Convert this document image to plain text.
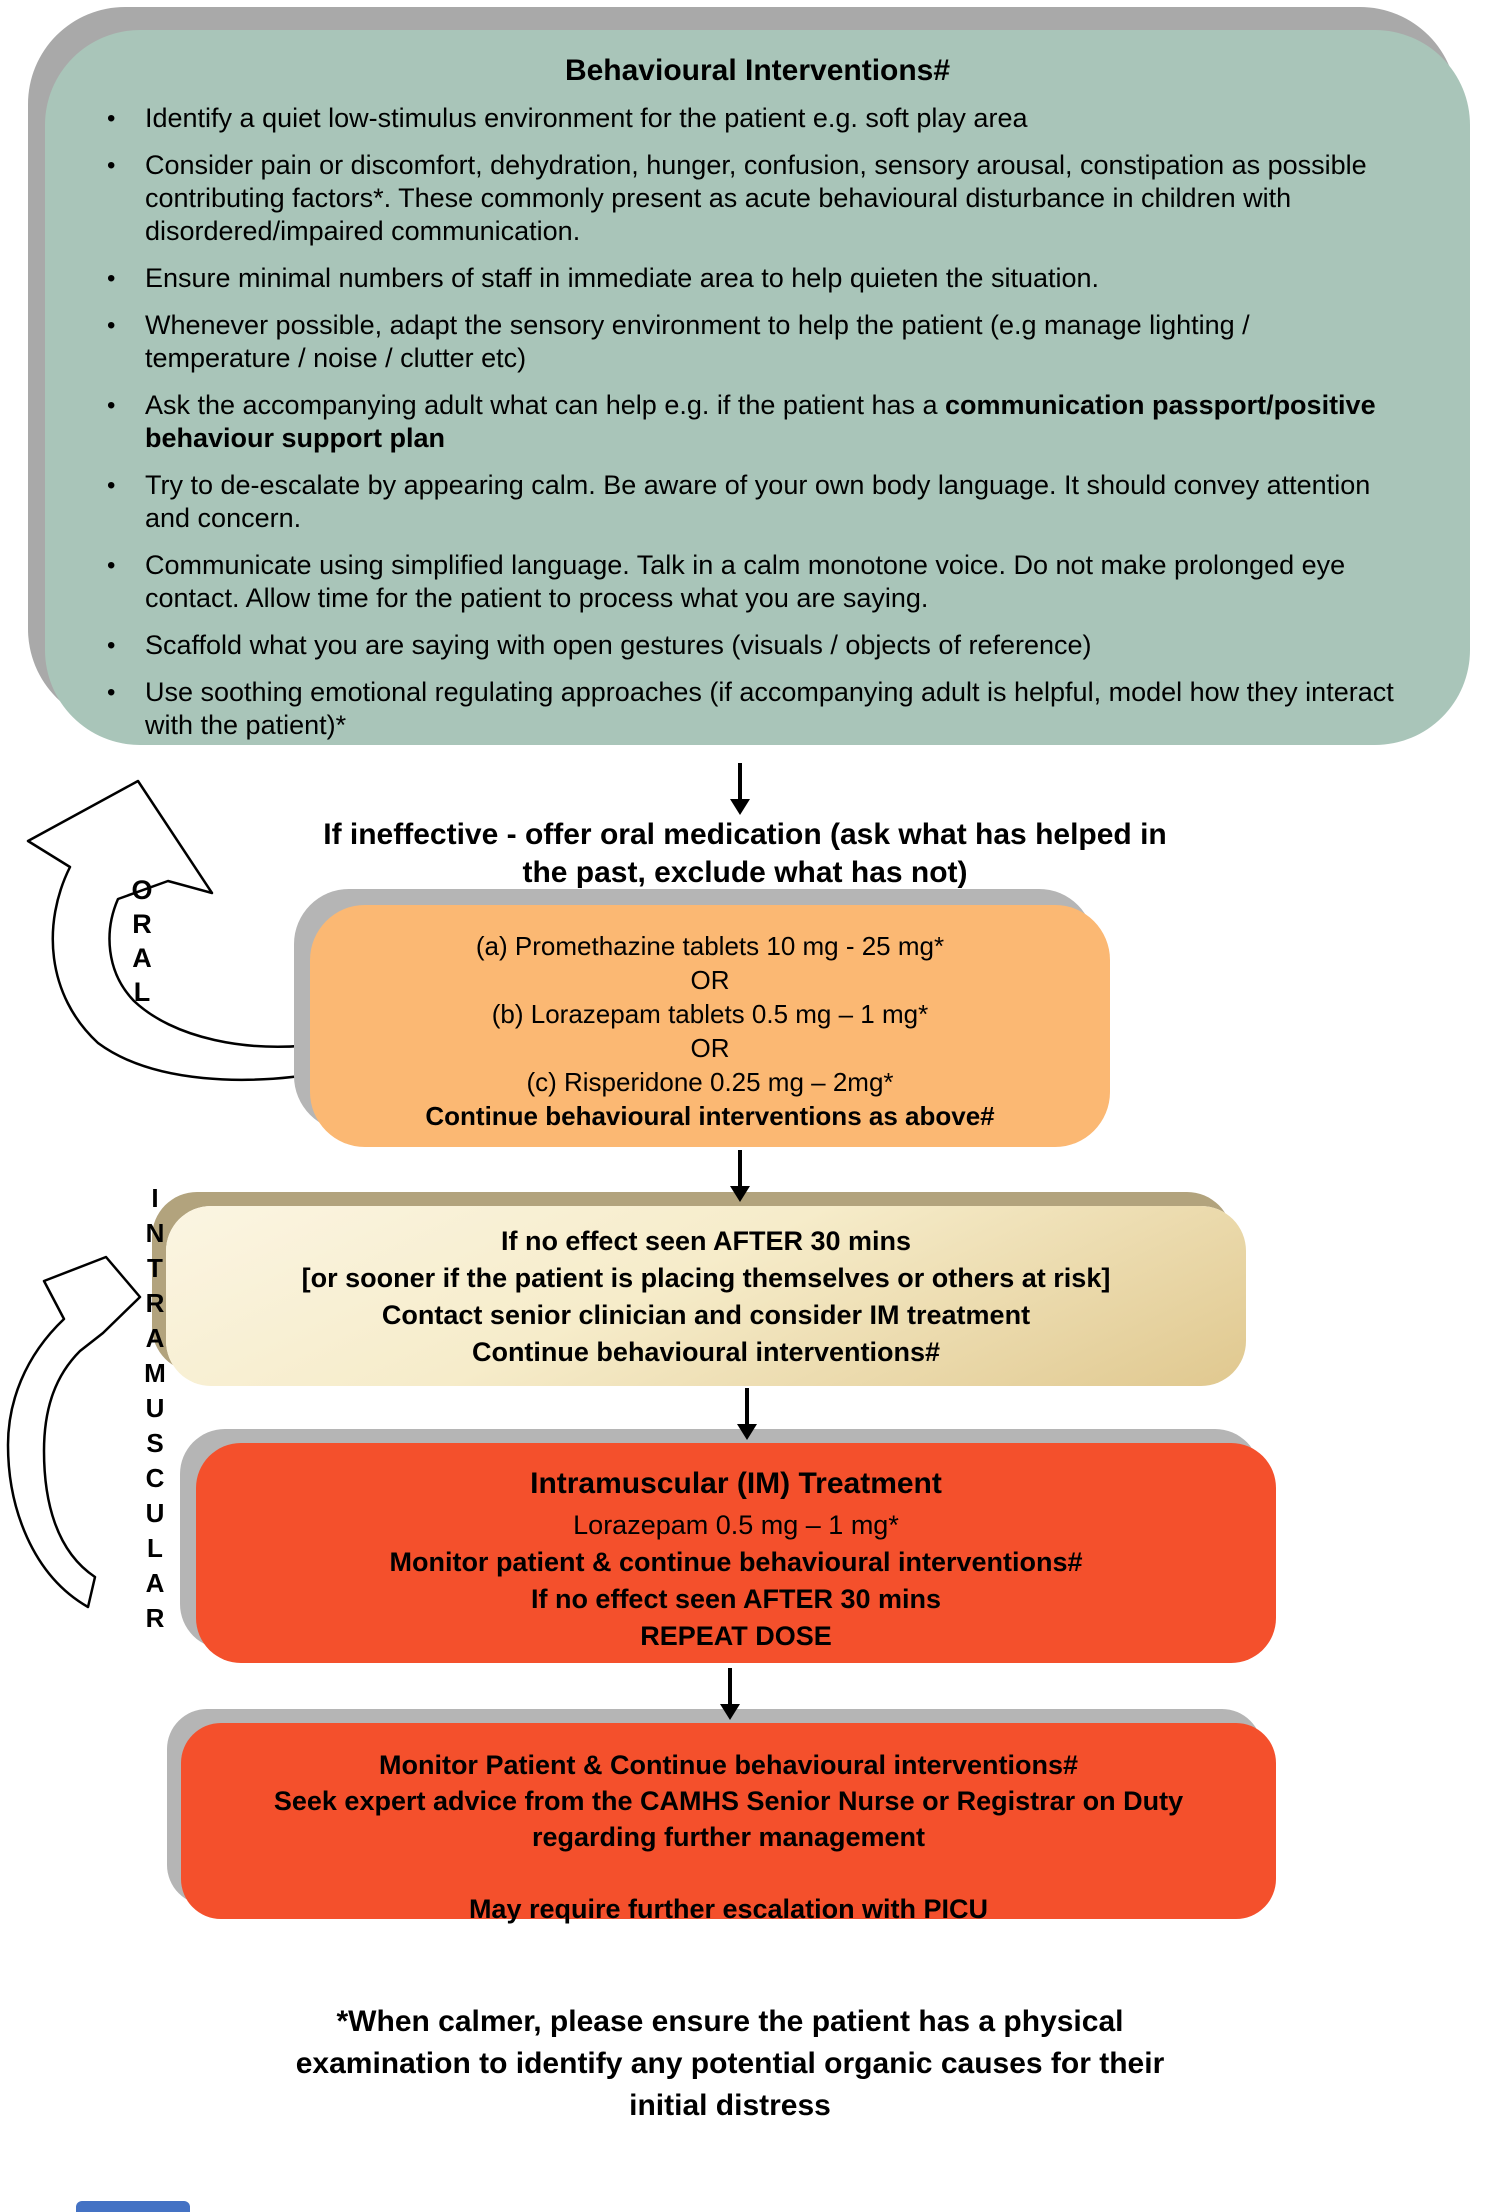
Behavioural Interventions#
•	Identify a quiet low-stimulus environment for the patient e.g. soft play area
•	Consider pain or discomfort, dehydration, hunger, confusion, sensory arousal, constipation as possible contributing factors*. These commonly present as acute behavioural disturbance in children with disordered/impaired communication.
•	Ensure minimal numbers of staff in immediate area to help quieten the situation.
•	Whenever possible, adapt the sensory environment to help the patient (e.g manage lighting / temperature / noise / clutter etc)
•	Ask the accompanying adult what can help e.g. if the patient has a communication passport/positive behaviour support plan
•	Try to de-escalate by appearing calm. Be aware of your own body language. It should convey attention and concern.
•	Communicate using simplified language. Talk in a calm monotone voice. Do not make prolonged eye contact. Allow time for the patient to process what you are saying.
•	Scaffold what you are saying with open gestures (visuals / objects of reference)
•	Use soothing emotional regulating approaches (if accompanying adult is helpful, model how they interact with the patient)*
If ineffective - offer oral medication (ask what has helped in
the past, exclude what has not)
O
R
A
L
(a) Promethazine tablets 10 mg - 25 mg*
OR
(b) Lorazepam tablets 0.5 mg – 1 mg*
OR
(c) Risperidone 0.25 mg – 2mg*
Continue behavioural interventions as above#
I
N
T
R
A
M
U
S
C
U
L
A
R
If no effect seen AFTER 30 mins
[or sooner if the patient is placing themselves or others at risk]
Contact senior clinician and consider IM treatment
Continue behavioural interventions#
Intramuscular (IM) Treatment
Lorazepam 0.5 mg – 1 mg*
Monitor patient & continue behavioural interventions#
If no effect seen AFTER 30 mins
REPEAT DOSE
Monitor Patient & Continue behavioural interventions#
Seek expert advice from the CAMHS Senior Nurse or Registrar on Duty
regarding further management

May require further escalation with PICU
*When calmer, please ensure the patient has a physical
examination to identify any potential organic causes for their
initial distress
